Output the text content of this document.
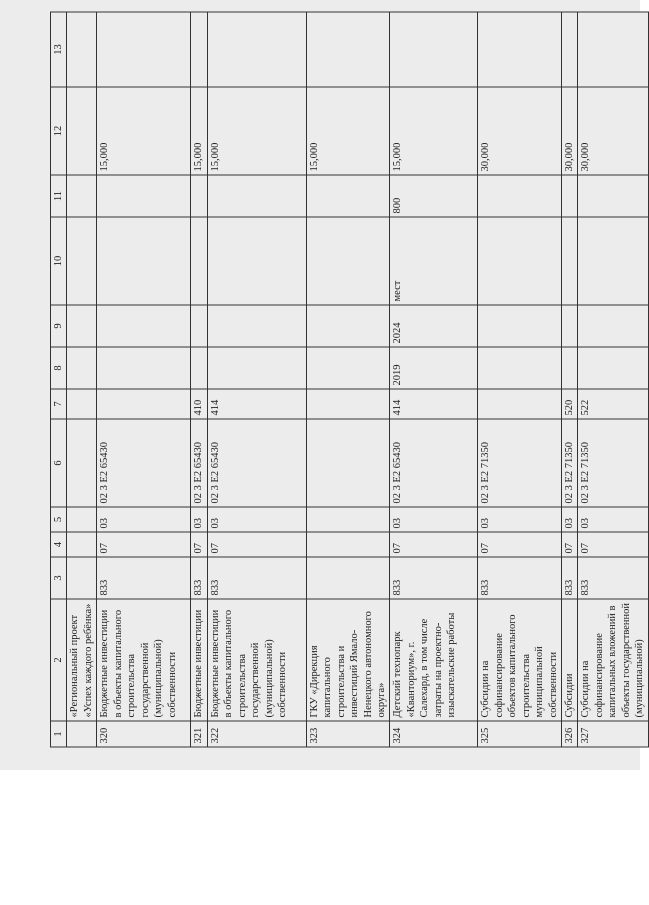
1	2	3	4	5	6	7	8	9	10	11	12	13
	«Региональный проект «Успех каждого ребёнка»											
320	Бюджетные инвестиции в объекты капитального строительства государственной (муниципальной) собственности	833	07	03	02 3 E2 65430						15,000	
321	Бюджетные инвестиции	833	07	03	02 3 E2 65430	410					15,000	
322	Бюджетные инвестиции в объекты капитального строительства государственной (муниципальной) собственности	833	07	03	02 3 E2 65430	414					15,000	
323	ГКУ «Дирекция капитального строительства и инвестиций Ямало-Ненецкого автономного округа»										15,000	
324	Детский технопарк «Кванториум», г. Салехард, в том числе затраты на проектно-изыскательские работы	833	07	03	02 3 E2 65430	414	2019	2024	мест	800	15,000	
325	Субсидии на софинансирование объектов капитального строительства муниципальной собственности	833	07	03	02 3 E2 71350						30,000	
326	Субсидии	833	07	03	02 3 E2 71350	520					30,000	
327	Субсидии на софинансирование капитальных вложений в объекты государственной (муниципальной)	833	07	03	02 3 E2 71350	522					30,000	
